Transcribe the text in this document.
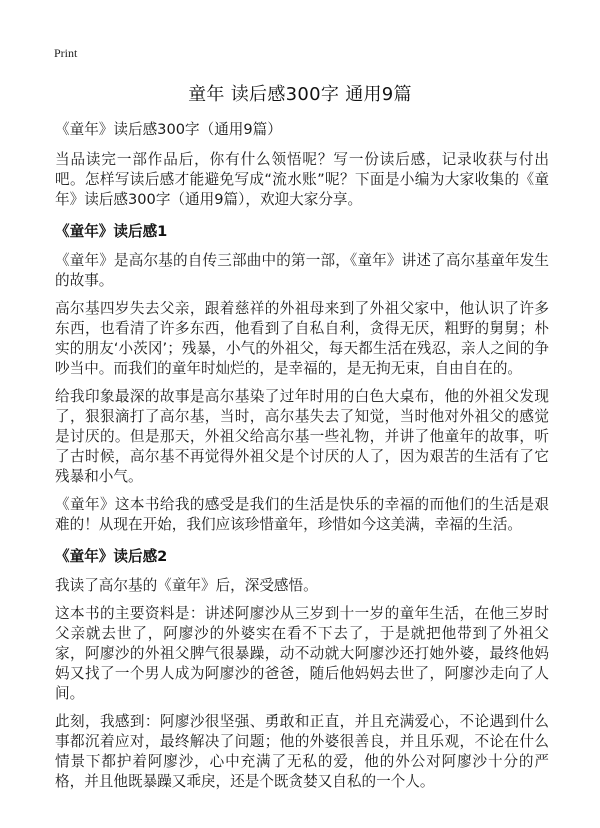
Print
童年 读后感300字 通用9篇

《童年》读后感300字（通用9篇）

当品读完一部作品后，你有什么领悟呢？写一份读后感，记录收获与付出吧。怎样写读后感才能避免写成“流水账”呢？下面是小编为大家收集的《童年》读后感300字（通用9篇），欢迎大家分享。

《童年》读后感1

《童年》是高尔基的自传三部曲中的第一部，《童年》讲述了高尔基童年发生的故事。

高尔基四岁失去父亲，跟着慈祥的外祖母来到了外祖父家中，他认识了许多东西，也看清了许多东西，他看到了自私自利，贪得无厌，粗野的舅舅；朴实的朋友‘小茨冈’；残暴，小气的外祖父，每天都生活在残忍，亲人之间的争吵当中。而我们的童年时灿烂的，是幸福的，是无拘无束，自由自在的。

给我印象最深的故事是高尔基染了过年时用的白色大桌布，他的外祖父发现了，狠狠滴打了高尔基，当时，高尔基失去了知觉，当时他对外祖父的感觉是讨厌的。但是那天，外祖父给高尔基一些礼物，并讲了他童年的故事，听了古时候，高尔基不再觉得外祖父是个讨厌的人了，因为艰苦的生活有了它残暴和小气。

《童年》这本书给我的感受是我们的生活是快乐的幸福的而他们的生活是艰难的！从现在开始，我们应该珍惜童年，珍惜如今这美满，幸福的生活。

《童年》读后感2

我读了高尔基的《童年》后，深受感悟。

这本书的主要资料是：讲述阿廖沙从三岁到十一岁的童年生活，在他三岁时父亲就去世了，阿廖沙的外婆实在看不下去了，于是就把他带到了外祖父家，阿廖沙的外祖父脾气很暴躁，动不动就大阿廖沙还打她外婆，最终他妈妈又找了一个男人成为阿廖沙的爸爸，随后他妈妈去世了，阿廖沙走向了人间。

此刻，我感到：阿廖沙很坚强、勇敢和正直，并且充满爱心，不论遇到什么事都沉着应对，最终解决了问题；他的外婆很善良，并且乐观，不论在什么情景下都护着阿廖沙，心中充满了无私的爱，他的外公对阿廖沙十分的严格，并且他既暴躁又乖戾，还是个既贪婪又自私的一个人。
